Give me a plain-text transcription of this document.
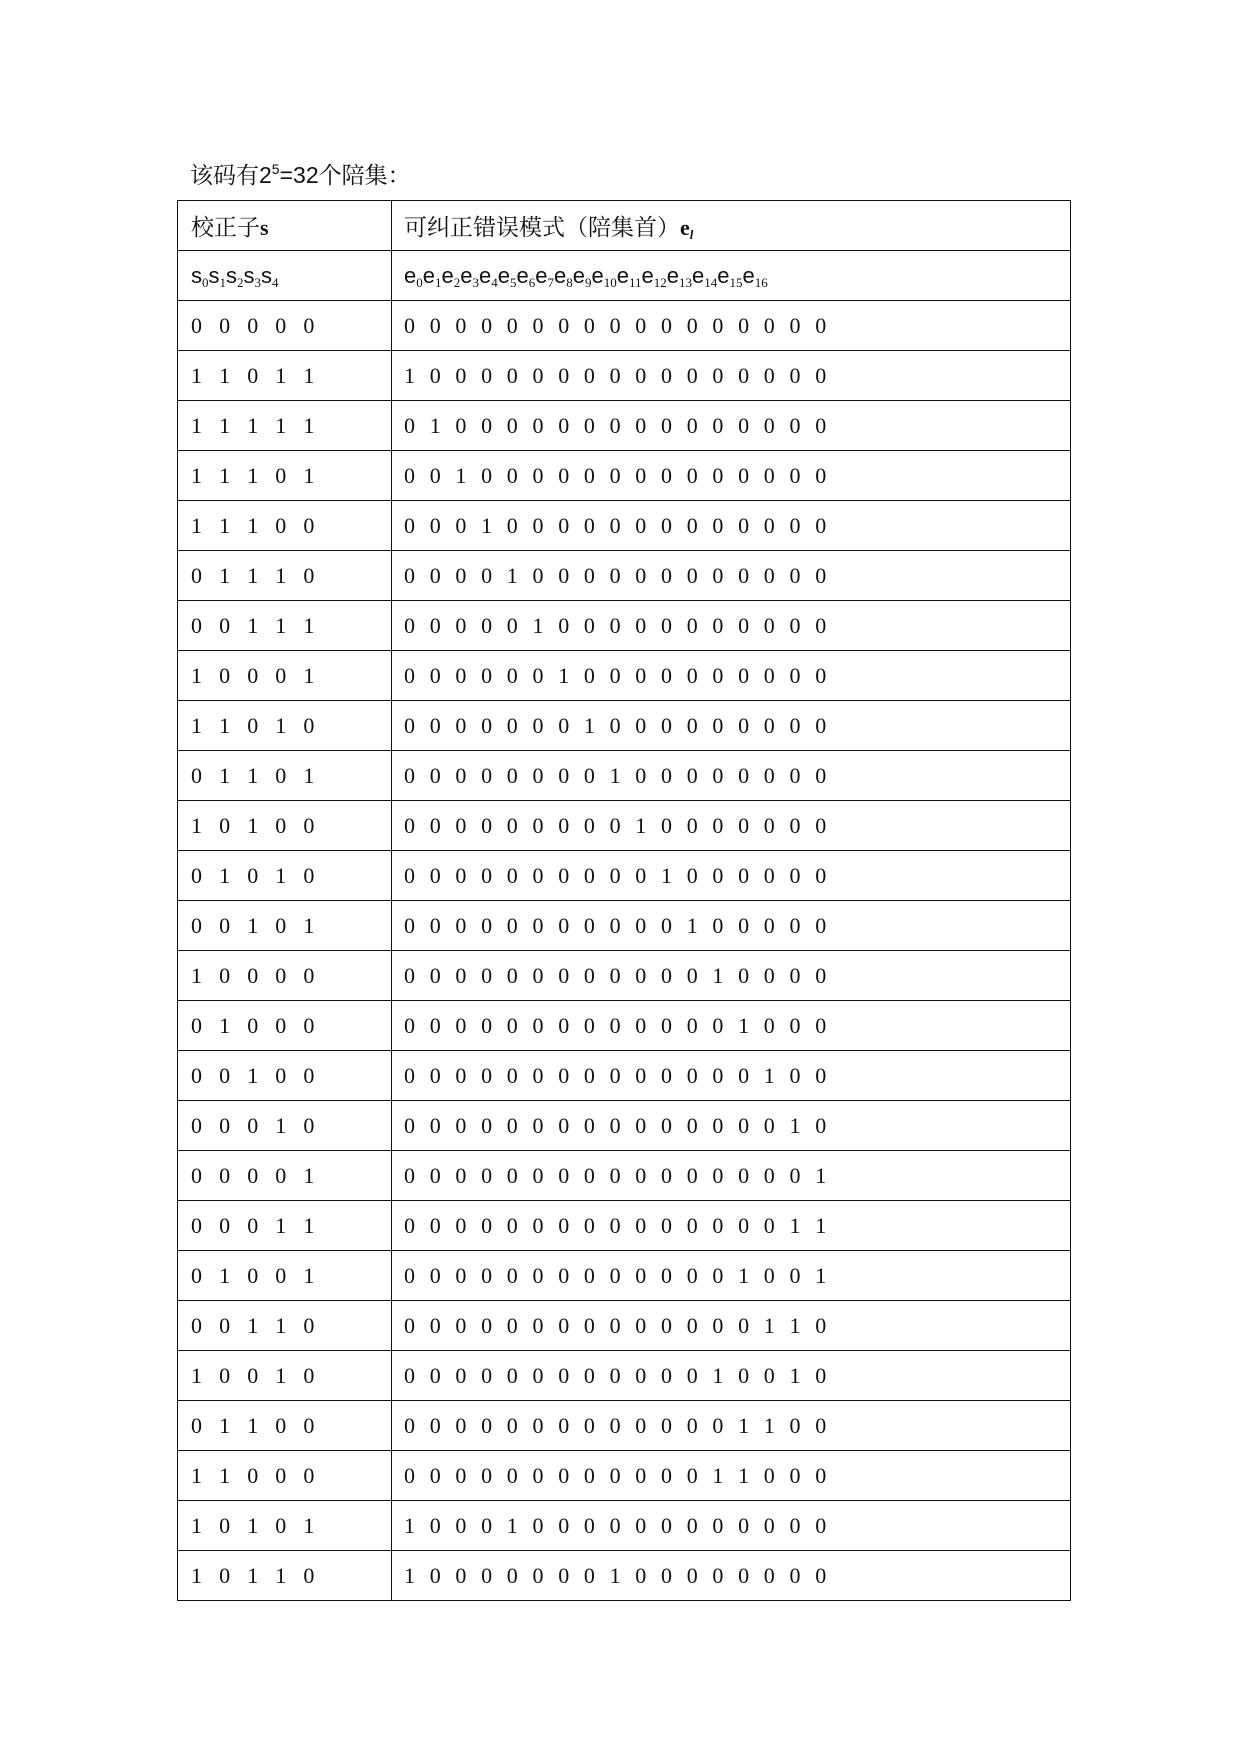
该码有$2^5=32$个陪集：
校正子s	可纠正错误模式（陪集首）$e_l$
$s_0s_1s_2s_3s_4$	$e_0e_1e_2e_3e_4e_5e_6e_7e_8e_9e_{10}e_{11}e_{12}e_{13}e_{14}e_{15}e_{16}$
0 0 0 0 0	0 0 0 0 0 0 0 0 0 0 0 0 0 0 0 0 0
1 1 0 1 1	1 0 0 0 0 0 0 0 0 0 0 0 0 0 0 0 0
1 1 1 1 1	0 1 0 0 0 0 0 0 0 0 0 0 0 0 0 0 0
1 1 1 0 1	0 0 1 0 0 0 0 0 0 0 0 0 0 0 0 0 0
1 1 1 0 0	0 0 0 1 0 0 0 0 0 0 0 0 0 0 0 0 0
0 1 1 1 0	0 0 0 0 1 0 0 0 0 0 0 0 0 0 0 0 0
0 0 1 1 1	0 0 0 0 0 1 0 0 0 0 0 0 0 0 0 0 0
1 0 0 0 1	0 0 0 0 0 0 1 0 0 0 0 0 0 0 0 0 0
1 1 0 1 0	0 0 0 0 0 0 0 1 0 0 0 0 0 0 0 0 0
0 1 1 0 1	0 0 0 0 0 0 0 0 1 0 0 0 0 0 0 0 0
1 0 1 0 0	0 0 0 0 0 0 0 0 0 1 0 0 0 0 0 0 0
0 1 0 1 0	0 0 0 0 0 0 0 0 0 0 1 0 0 0 0 0 0
0 0 1 0 1	0 0 0 0 0 0 0 0 0 0 0 1 0 0 0 0 0
1 0 0 0 0	0 0 0 0 0 0 0 0 0 0 0 0 1 0 0 0 0
0 1 0 0 0	0 0 0 0 0 0 0 0 0 0 0 0 0 1 0 0 0
0 0 1 0 0	0 0 0 0 0 0 0 0 0 0 0 0 0 0 1 0 0
0 0 0 1 0	0 0 0 0 0 0 0 0 0 0 0 0 0 0 0 1 0
0 0 0 0 1	0 0 0 0 0 0 0 0 0 0 0 0 0 0 0 0 1
0 0 0 1 1	0 0 0 0 0 0 0 0 0 0 0 0 0 0 0 1 1
0 1 0 0 1	0 0 0 0 0 0 0 0 0 0 0 0 0 1 0 0 1
0 0 1 1 0	0 0 0 0 0 0 0 0 0 0 0 0 0 0 1 1 0
1 0 0 1 0	0 0 0 0 0 0 0 0 0 0 0 0 1 0 0 1 0
0 1 1 0 0	0 0 0 0 0 0 0 0 0 0 0 0 0 1 1 0 0
1 1 0 0 0	0 0 0 0 0 0 0 0 0 0 0 0 1 1 0 0 0
1 0 1 0 1	1 0 0 0 1 0 0 0 0 0 0 0 0 0 0 0 0
1 0 1 1 0	1 0 0 0 0 0 0 0 1 0 0 0 0 0 0 0 0
